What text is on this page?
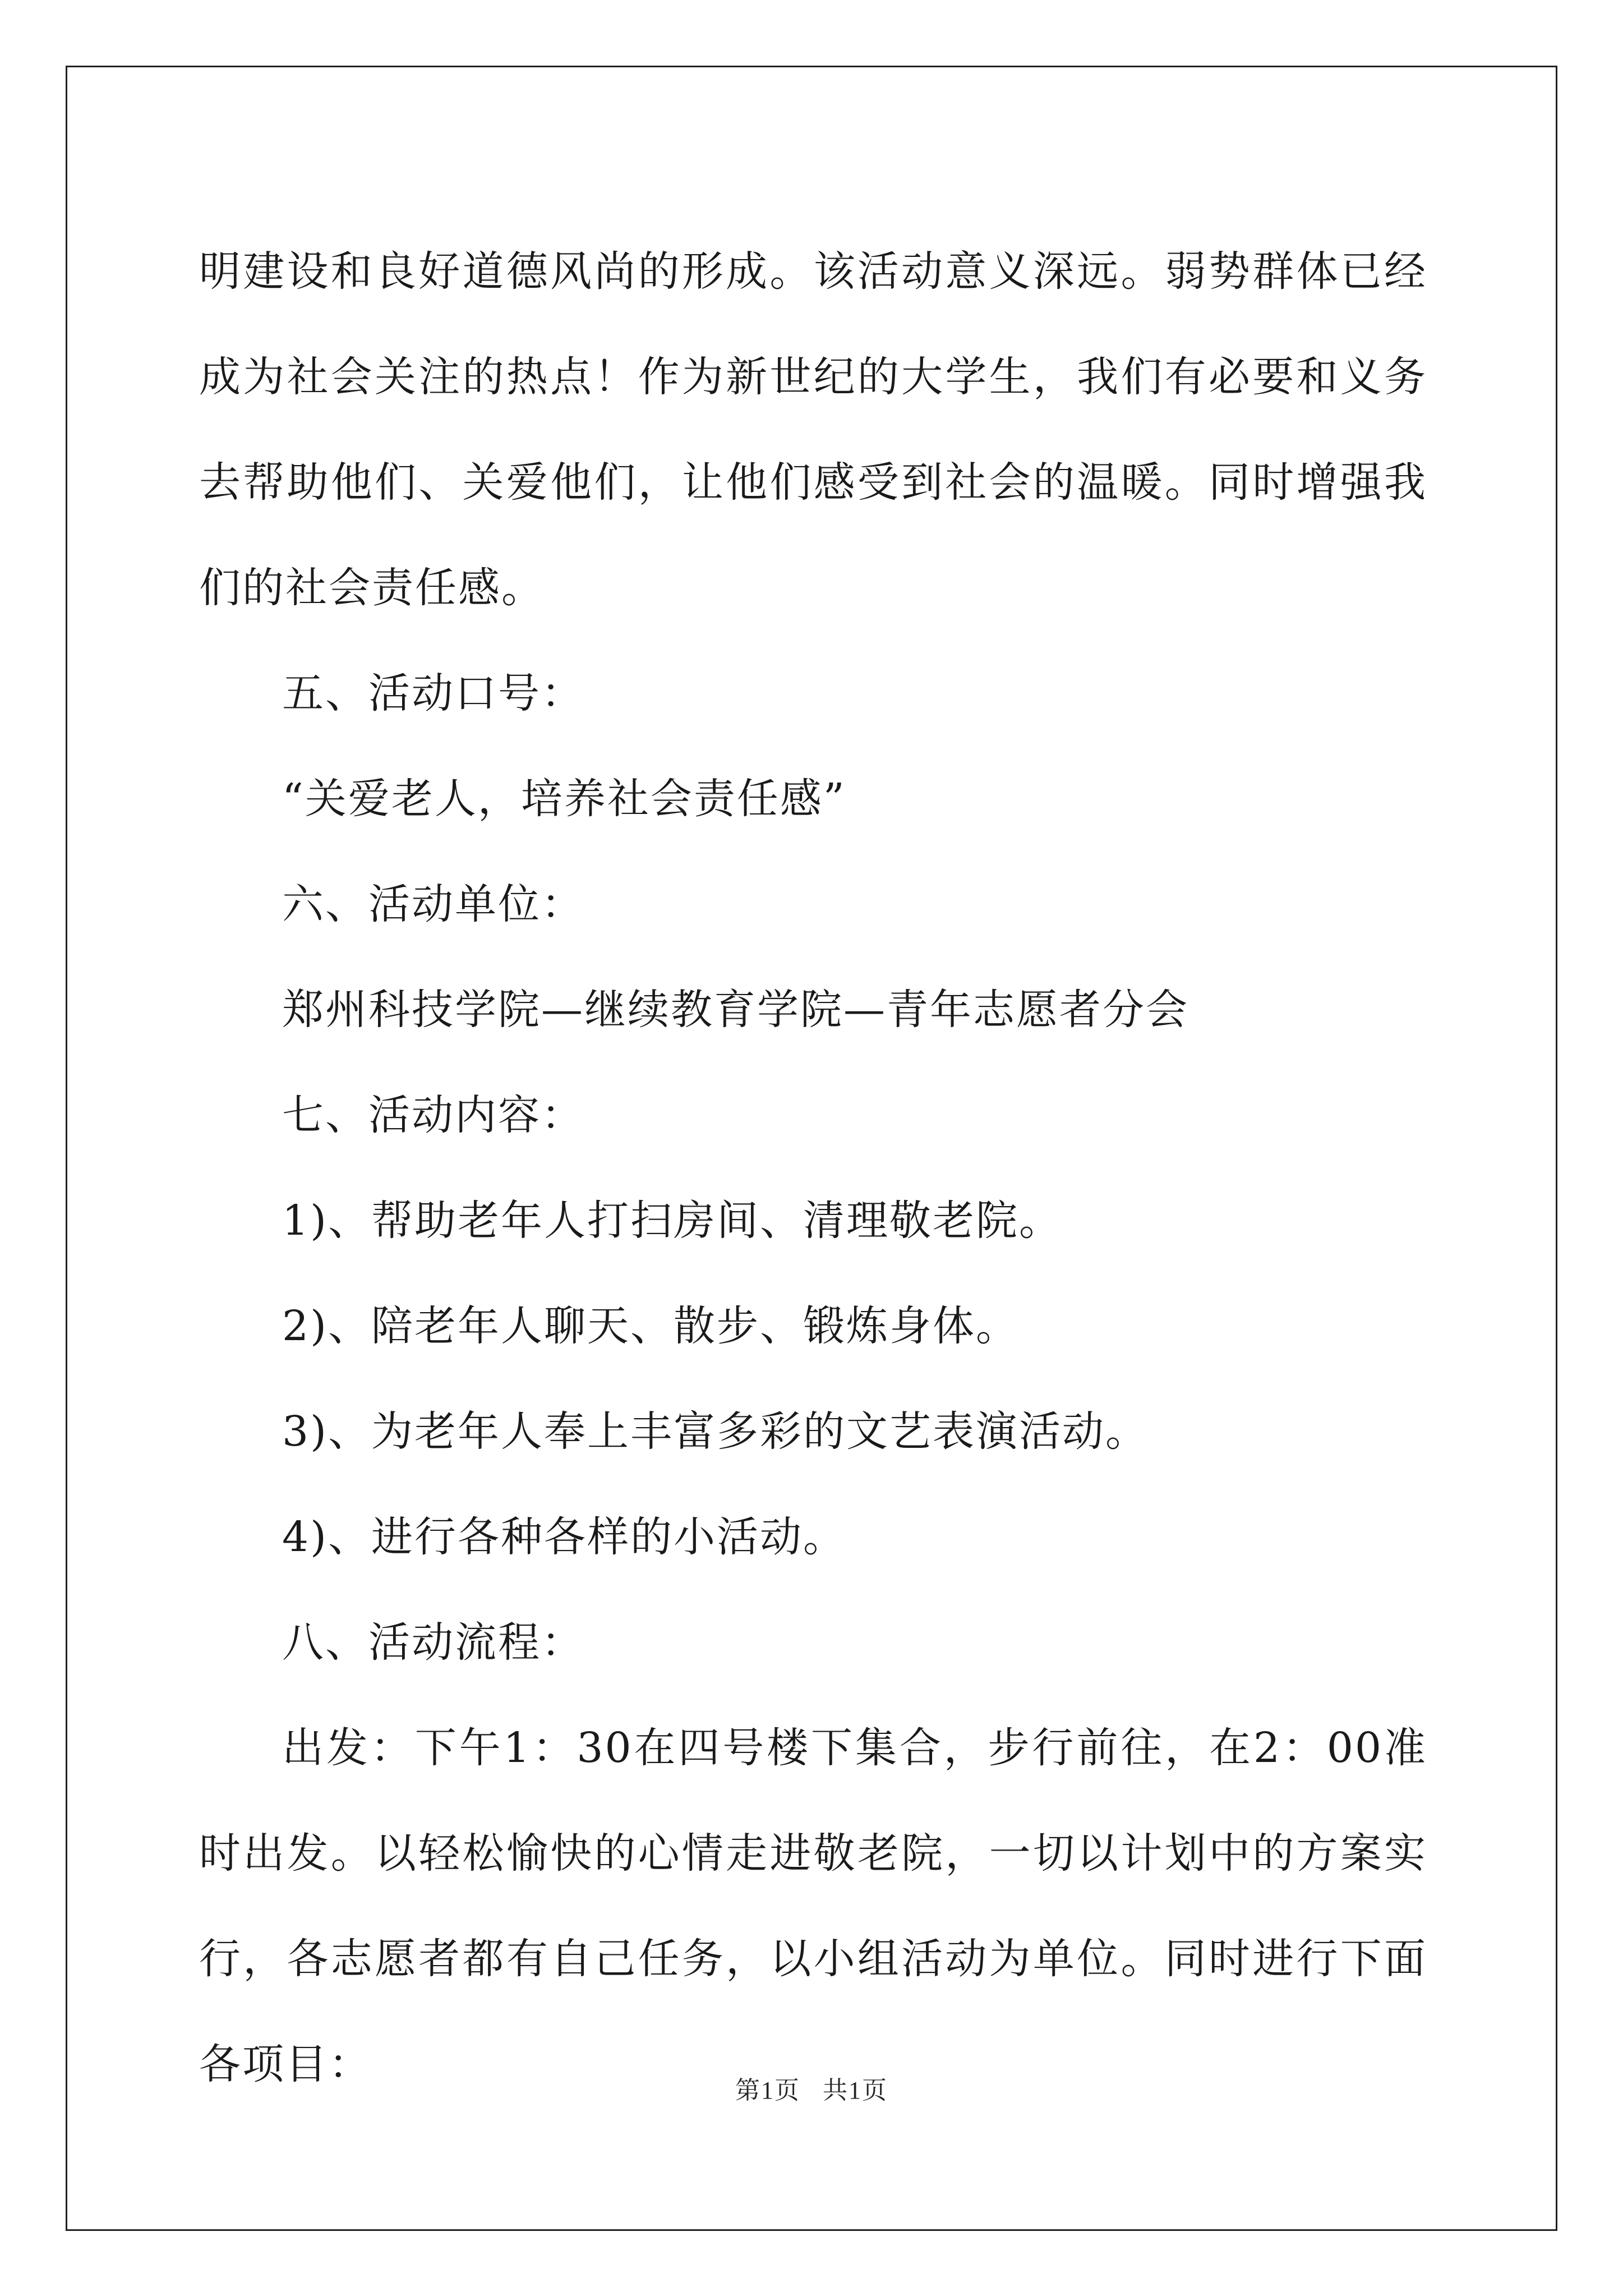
明建设和良好道德风尚的形成。该活动意义深远。弱势群体已经成为社会关注的热点！作为新世纪的大学生，我们有必要和义务去帮助他们、关爱他们，让他们感受到社会的温暖。同时增强我们的社会责任感。

五、活动口号：

“关爱老人，培养社会责任感”

六、活动单位：

郑州科技学院—继续教育学院—青年志愿者分会

七、活动内容：

1)、帮助老年人打扫房间、清理敬老院。

2)、陪老年人聊天、散步、锻炼身体。

3)、为老年人奉上丰富多彩的文艺表演活动。

4)、进行各种各样的小活动。

八、活动流程：

出发：下午1：30在四号楼下集合，步行前往，在2：00准时出发。以轻松愉快的心情走进敬老院，一切以计划中的方案实行，各志愿者都有自己任务，以小组活动为单位。同时进行下面各项目：

第1页 共1页
